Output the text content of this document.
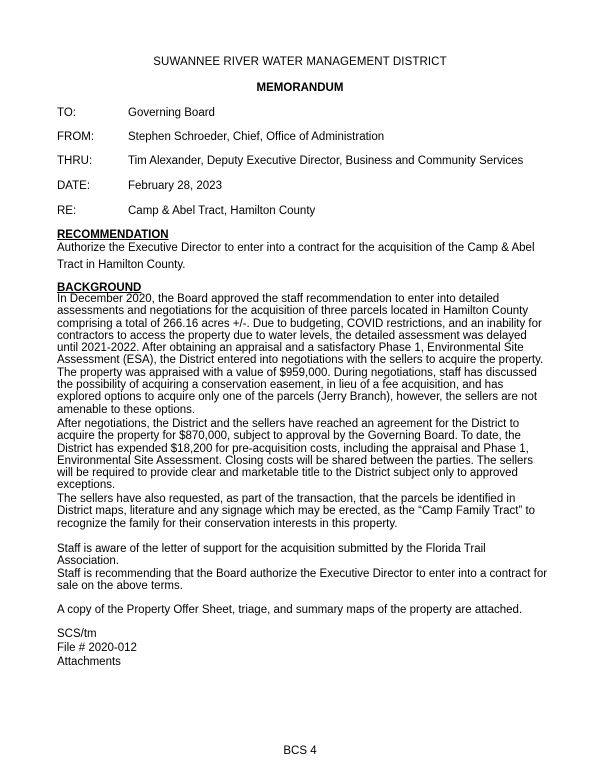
SUWANNEE RIVER WATER MANAGEMENT DISTRICT
MEMORANDUM
TO:	Governing Board
FROM:	Stephen Schroeder, Chief, Office of Administration
THRU:	Tim Alexander, Deputy Executive Director, Business and Community Services
DATE:	February 28, 2023
RE:	Camp & Abel Tract, Hamilton County
RECOMMENDATION

Authorize the Executive Director to enter into a contract for the acquisition of the Camp & Abel Tract in Hamilton County.

BACKGROUND

In December 2020, the Board approved the staff recommendation to enter into detailed assessments and negotiations for the acquisition of three parcels located in Hamilton County comprising a total of 266.16 acres +/-. Due to budgeting, COVID restrictions, and an inability for contractors to access the property due to water levels, the detailed assessment was delayed until 2021-2022. After obtaining an appraisal and a satisfactory Phase 1, Environmental Site Assessment (ESA), the District entered into negotiations with the sellers to acquire the property. The property was appraised with a value of $959,000. During negotiations, staff has discussed the possibility of acquiring a conservation easement, in lieu of a fee acquisition, and has explored options to acquire only one of the parcels (Jerry Branch), however, the sellers are not amenable to these options.

After negotiations, the District and the sellers have reached an agreement for the District to acquire the property for $870,000, subject to approval by the Governing Board. To date, the District has expended $18,200 for pre-acquisition costs, including the appraisal and Phase 1, Environmental Site Assessment. Closing costs will be shared between the parties. The sellers will be required to provide clear and marketable title to the District subject only to approved exceptions.

The sellers have also requested, as part of the transaction, that the parcels be identified in District maps, literature and any signage which may be erected, as the “Camp Family Tract” to recognize the family for their conservation interests in this property.

Staff is aware of the letter of support for the acquisition submitted by the Florida Trail Association.

Staff is recommending that the Board authorize the Executive Director to enter into a contract for sale on the above terms.

A copy of the Property Offer Sheet, triage, and summary maps of the property are attached.

SCS/tm
File # 2020-012
Attachments
BCS 4
